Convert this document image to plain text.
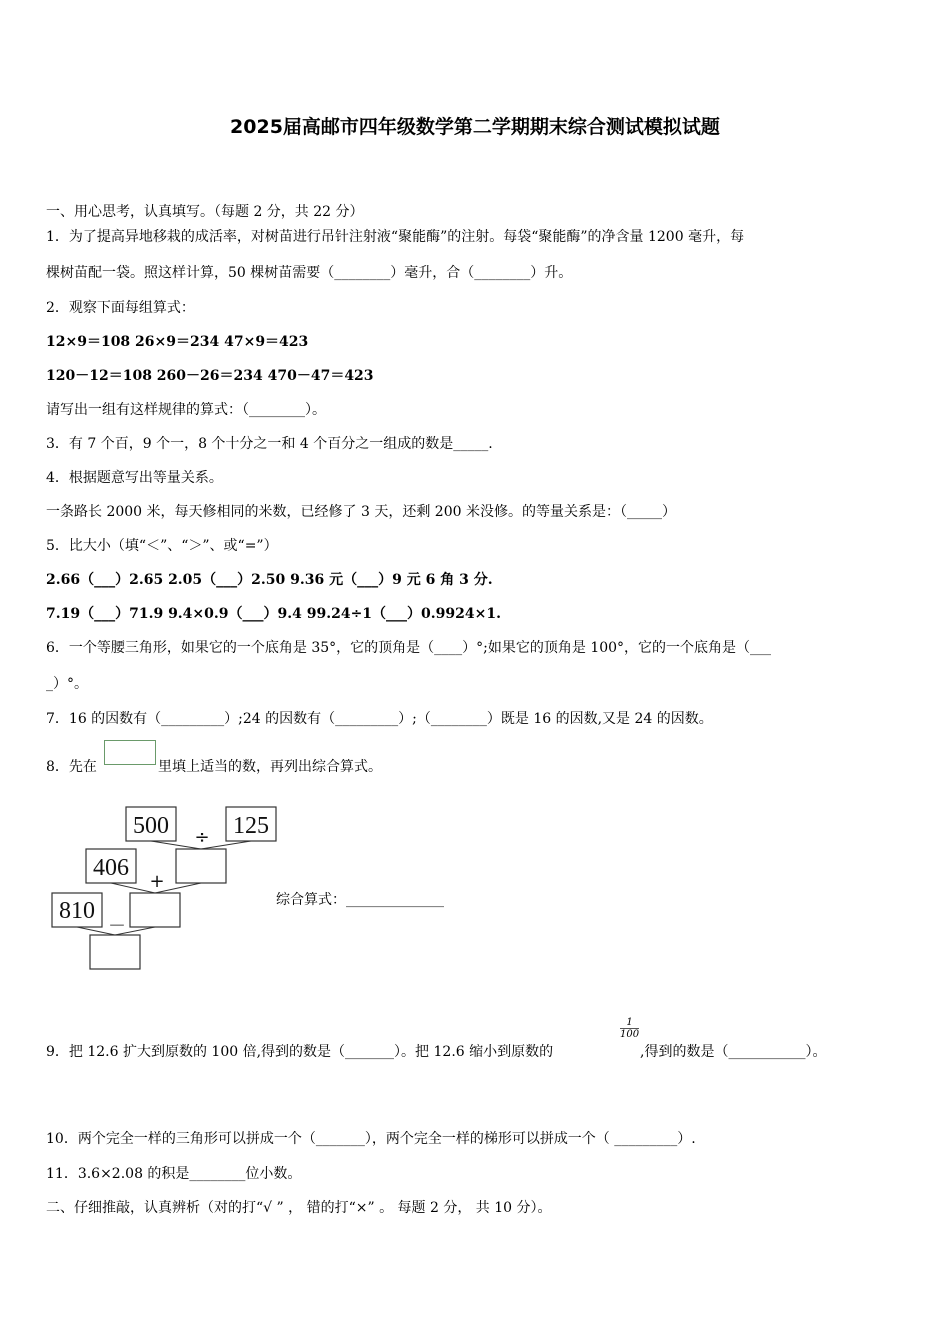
2025届高邮市四年级数学第二学期期末综合测试模拟试题
一、用心思考，认真填写。（每题 2 分，共 22 分）
1．为了提高异地移栽的成活率，对树苗进行吊针注射液“聚能酶”的注射。每袋“聚能酶”的净含量 1200 毫升，每
棵树苗配一袋。照这样计算，50 棵树苗需要（________）毫升，合（________）升。
2．观察下面每组算式：
12×9＝108 26×9＝234 47×9＝423
120－12＝108 260－26＝234 470－47＝423
请写出一组有这样规律的算式：（________）。
3．有 7 个百，9 个一，8 个十分之一和 4 个百分之一组成的数是_____.
4．根据题意写出等量关系。
一条路长 2000 米，每天修相同的米数，已经修了 3 天，还剩 200 米没修。的等量关系是：（_____）
5．比大小（填“＜”、“＞”、或“=”）
2.66（___）2.65 2.05（___）2.50 9.36 元（___）9 元 6 角 3 分.
7.19（___）71.9 9.4×0.9（___）9.4 99.24÷1（___）0.9924×1.
6．一个等腰三角形，如果它的一个底角是 35°，它的顶角是（____）°;如果它的顶角是 100°，它的一个底角是（___
_）°。
7．16 的因数有（_________）;24 的因数有（_________）;（________）既是 16 的因数,又是 24 的因数。
8．先在	里填上适当的数，再列出综合算式。
500	125
406
810
÷
+
－
综合算式：______________
9．把 12.6 扩大到原数的 100 倍,得到的数是（_______）。把 12.6 缩小到原数的
$\frac{1}{100}$
,得到的数是（___________）。
10．两个完全一样的三角形可以拼成一个（_______），两个完全一样的梯形可以拼成一个（ _________）.
11．3.6×2.08 的积是________位小数。
二、仔细推敲，认真辨析（对的打“√ ” ， 错的打“×” 。 每题 2 分， 共 10 分）。
